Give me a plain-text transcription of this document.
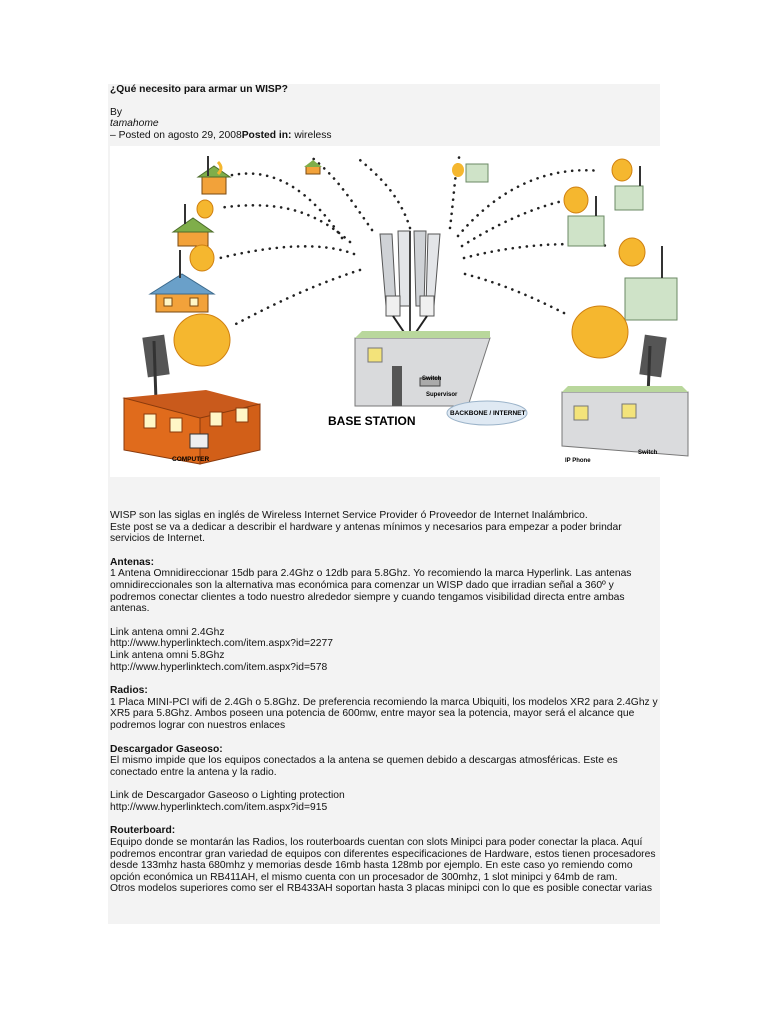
¿Qué necesito para armar un WISP?

By
tamahome
– Posted on agosto 29, 2008Posted in: wireless
Switch
Supervisor
BACKBONE / INTERNET
BASE STATION
COMPUTER	IP Phone
Switch

WISP son las siglas en inglés de Wireless Internet Service Provider ó Proveedor de Internet Inalámbrico.

Este post se va a dedicar a describir el hardware y antenas mínimos y necesarios para empezar a poder brindar servicios de Internet.

Antenas:

1 Antena Omnidireccionar 15db para 2.4Ghz o 12db para 5.8Ghz. Yo recomiendo la marca Hyperlink. Las antenas omnidireccionales son la alternativa mas económica para comenzar un WISP dado que irradian señal a 360º y podremos conectar clientes a todo nuestro alrededor siempre y cuando tengamos visibilidad directa entre ambas antenas.

Link antena omni 2.4Ghz

http://www.hyperlinktech.com/item.aspx?id=2277

Link antena omni 5.8Ghz

http://www.hyperlinktech.com/item.aspx?id=578

Radios:

1 Placa MINI-PCI wifi de 2.4Gh o 5.8Ghz. De preferencia recomiendo la marca Ubiquiti, los modelos XR2 para 2.4Ghz y XR5 para 5.8Ghz. Ambos poseen una potencia de 600mw, entre mayor sea la potencia, mayor será el alcance que podremos lograr con nuestros enlaces

Descargador Gaseoso:

El mismo impide que los equipos conectados a la antena se quemen debido a descargas atmosféricas. Este es conectado entre la antena y la radio.

Link de Descargador Gaseoso o Lighting protection

http://www.hyperlinktech.com/item.aspx?id=915

Routerboard:

Equipo donde se montarán las Radios, los routerboards cuentan con slots Minipci para poder conectar la placa. Aquí podremos encontrar gran variedad de equipos con diferentes especificaciones de Hardware, estos tienen procesadores desde 133mhz hasta 680mhz y memorias desde 16mb hasta 128mb por ejemplo. En este caso yo remiendo como opción económica un RB411AH, el mismo cuenta con un procesador de 300mhz, 1 slot minipci y 64mb de ram.

Otros modelos superiores como ser el RB433AH soportan hasta 3 placas minipci con lo que es posible conectar varias
